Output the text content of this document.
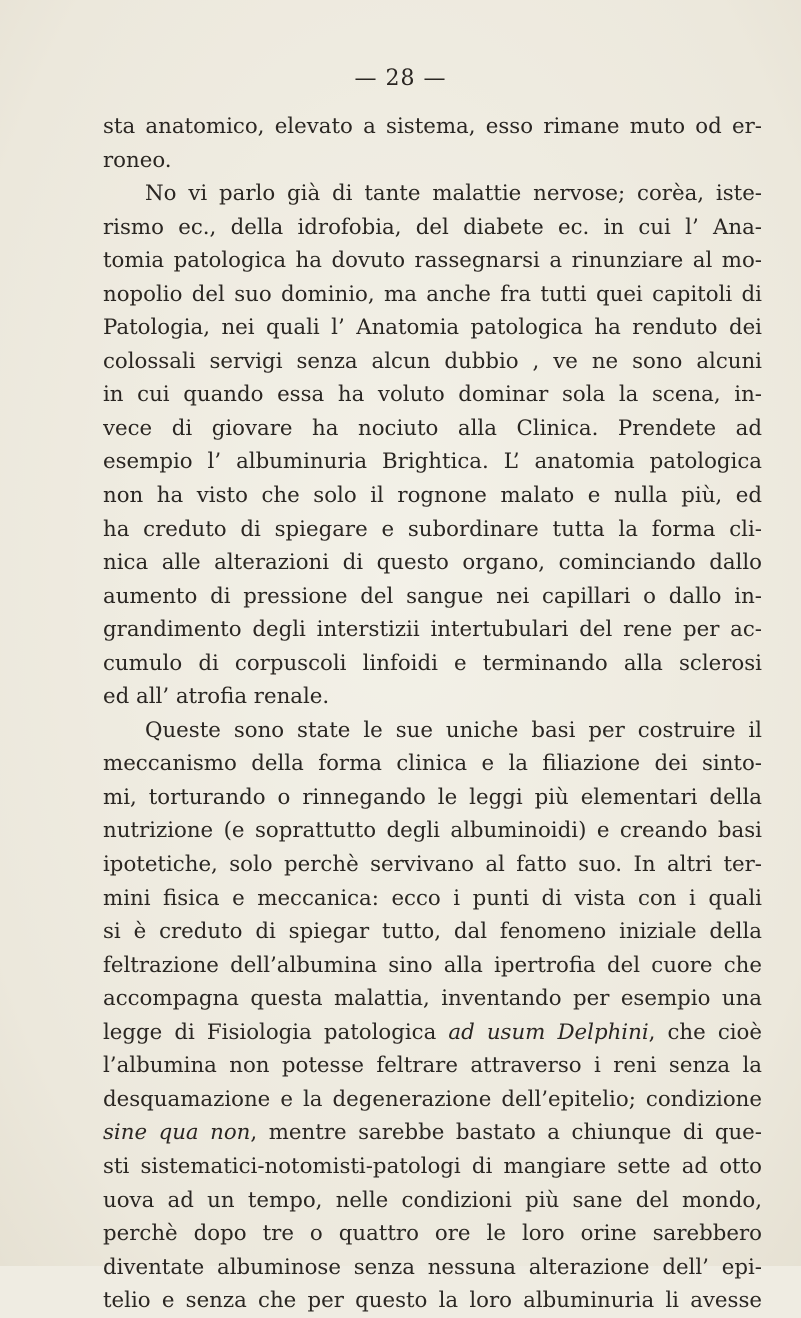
— 28 —
sta anatomico, elevato a sistema, esso rimane muto od er-
roneo.
No vi parlo già di tante malattie nervose; corèa, iste-
rismo ec., della idrofobia, del diabete ec. in cui l’ Ana-
tomia patologica ha dovuto rassegnarsi a rinunziare al mo-
nopolio del suo dominio, ma anche fra tutti quei capitoli di
Patologia, nei quali l’ Anatomia patologica ha renduto dei
colossali servigi senza alcun dubbio , ve ne sono alcuni
in cui quando essa ha voluto dominar sola la scena, in-
vece di giovare ha nociuto alla Clinica. Prendete ad
esempio l’ albuminuria Brightica. L’ anatomia patologica
non ha visto che solo il rognone malato e nulla più, ed
ha creduto di spiegare e subordinare tutta la forma cli-
nica alle alterazioni di questo organo, cominciando dallo
aumento di pressione del sangue nei capillari o dallo in-
grandimento degli interstizii intertubulari del rene per ac-
cumulo di corpuscoli linfoidi e terminando alla sclerosi
ed all’ atrofia renale.
Queste sono state le sue uniche basi per costruire il
meccanismo della forma clinica e la filiazione dei sinto-
mi, torturando o rinnegando le leggi più elementari della
nutrizione (e soprattutto degli albuminoidi) e creando basi
ipotetiche, solo perchè servivano al fatto suo. In altri ter-
mini fisica e meccanica: ecco i punti di vista con i quali
si è creduto di spiegar tutto, dal fenomeno iniziale della
feltrazione dell’albumina sino alla ipertrofia del cuore che
accompagna questa malattia, inventando per esempio una
legge di Fisiologia patologica ad usum Delphini, che cioè
l’albumina non potesse feltrare attraverso i reni senza la
desquamazione e la degenerazione dell’epitelio; condizione
sine qua non, mentre sarebbe bastato a chiunque di que-
sti sistematici-notomisti-patologi di mangiare sette ad otto
uova ad un tempo, nelle condizioni più sane del mondo,
perchè dopo tre o quattro ore le loro orine sarebbero
diventate albuminose senza nessuna alterazione dell’ epi-
telio e senza che per questo la loro albuminuria li avesse
